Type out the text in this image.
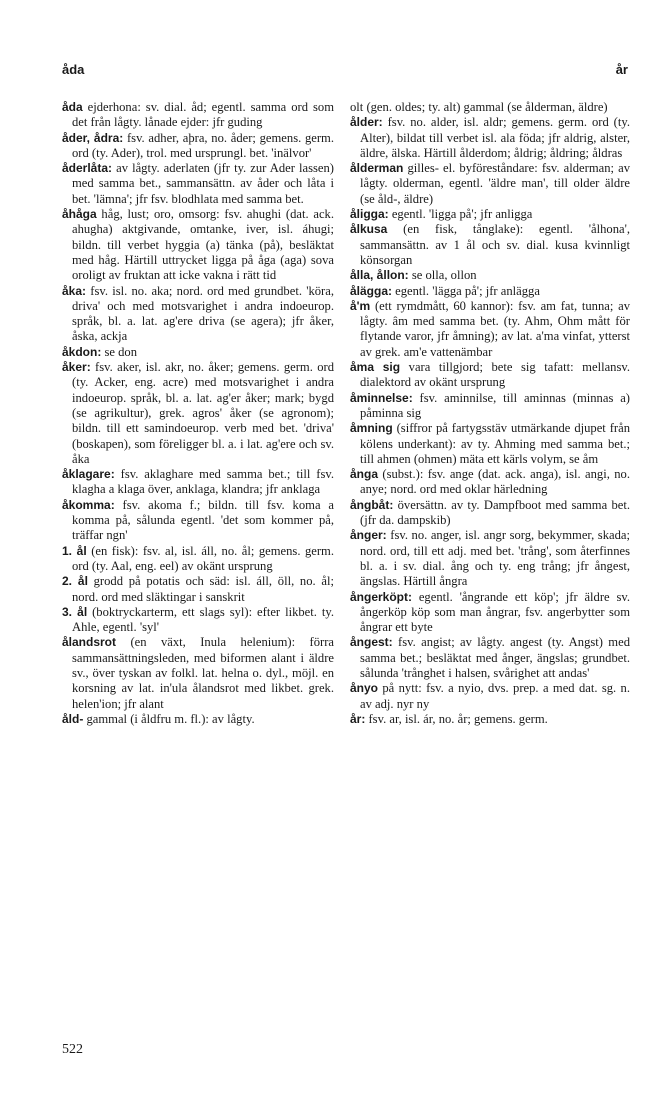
åda	år

åda ejderhona: sv. dial. åd; egentl. samma ord som det från lågty. lånade ejder: jfr guding

åder, ådra: fsv. adher, aþra, no. åder; gemens. germ. ord (ty. Ader), trol. med ursprungl. bet. 'inälvor'

åderlåta: av lågty. aderlaten (jfr ty. zur Ader lassen) med samma bet., sammansättn. av åder och låta i bet. 'lämna'; jfr fsv. blodhlata med samma bet.

åhåga håg, lust; oro, omsorg: fsv. ahughi (dat. ack. ahugha) aktgivande, omtanke, iver, isl. áhugi; bildn. till verbet hyggia (a) tänka (på), besläktat med håg. Härtill uttrycket ligga på åga (aga) sova oroligt av fruktan att icke vakna i rätt tid

åka: fsv. isl. no. aka; nord. ord med grundbet. 'köra, driva' och med motsvarighet i andra indoeurop. språk, bl. a. lat. ag'ere driva (se agera); jfr åker, åska, ackja

åkdon: se don

åker: fsv. aker, isl. akr, no. åker; gemens. germ. ord (ty. Acker, eng. acre) med motsvarighet i andra indoeurop. språk, bl. a. lat. ag'er åker; mark; bygd (se agrikultur), grek. agros' åker (se agronom); bildn. till ett samindoeurop. verb med bet. 'driva' (boskapen), som föreligger bl. a. i lat. ag'ere och sv. åka

åklagare: fsv. aklaghare med samma bet.; till fsv. klagha a klaga över, anklaga, klandra; jfr anklaga

åkomma: fsv. akoma f.; bildn. till fsv. koma a komma på, sålunda egentl. 'det som kommer på, träffar ngn'

1. ål (en fisk): fsv. al, isl. áll, no. ål; gemens. germ. ord (ty. Aal, eng. eel) av okänt ursprung

2. ål grodd på potatis och säd: isl. áll, öll, no. ål; nord. ord med släktingar i sanskrit

3. ål (boktryckarterm, ett slags syl): efter likbet. ty. Ahle, egentl. 'syl'

ålandsrot (en växt, Inula helenium): förra sammansättningsleden, med biformen alant i äldre sv., över tyskan av folkl. lat. helna o. dyl., möjl. en korsning av lat. in'ula ålandsrot med likbet. grek. helen'ion; jfr alant

åld- gammal (i åldfru m. fl.): av lågty.

olt (gen. oldes; ty. alt) gammal (se ålderman, äldre)

ålder: fsv. no. alder, isl. aldr; gemens. germ. ord (ty. Alter), bildat till verbet isl. ala föda; jfr aldrig, alster, äldre, älska. Härtill ålderdom; åldrig; åldring; åldras

ålderman gilles- el. byföreståndare: fsv. alderman; av lågty. olderman, egentl. 'äldre man', till older äldre (se åld-, äldre)

åligga: egentl. 'ligga på'; jfr anligga

ålkusa (en fisk, tånglake): egentl. 'ålhona', sammansättn. av 1 ål och sv. dial. kusa kvinnligt könsorgan

ålla, ållon: se olla, ollon

ålägga: egentl. 'lägga på'; jfr anlägga

å'm (ett rymdmått, 60 kannor): fsv. am fat, tunna; av lågty. âm med samma bet. (ty. Ahm, Ohm mått för flytande varor, jfr åmning); av lat. a'ma vinfat, ytterst av grek. am'e vattenämbar

åma sig vara tillgjord; bete sig tafatt: mellansv. dialektord av okänt ursprung

åminnelse: fsv. aminnilse, till aminnas (minnas a) påminna sig

åmning (siffror på fartygsstäv utmärkande djupet från kölens underkant): av ty. Ahming med samma bet.; till ahmen (ohmen) mäta ett kärls volym, se åm

ånga (subst.): fsv. ange (dat. ack. anga), isl. angi, no. anye; nord. ord med oklar härledning

ångbåt: översättn. av ty. Dampfboot med samma bet. (jfr da. dampskib)

ånger: fsv. no. anger, isl. angr sorg, bekymmer, skada; nord. ord, till ett adj. med bet. 'trång', som återfinnes bl. a. i sv. dial. ång och ty. eng trång; jfr ångest, ängslas. Härtill ångra

ångerköpt: egentl. 'ångrande ett köp'; jfr äldre sv. ångerköp köp som man ångrar, fsv. angerbytter som ångrar ett byte

ångest: fsv. angist; av lågty. angest (ty. Angst) med samma bet.; besläktat med ånger, ängslas; grundbet. sålunda 'trånghet i halsen, svårighet att andas'

ånyo på nytt: fsv. a nyio, dvs. prep. a med dat. sg. n. av adj. nyr ny

år: fsv. ar, isl. ár, no. år; gemens. germ.

522
